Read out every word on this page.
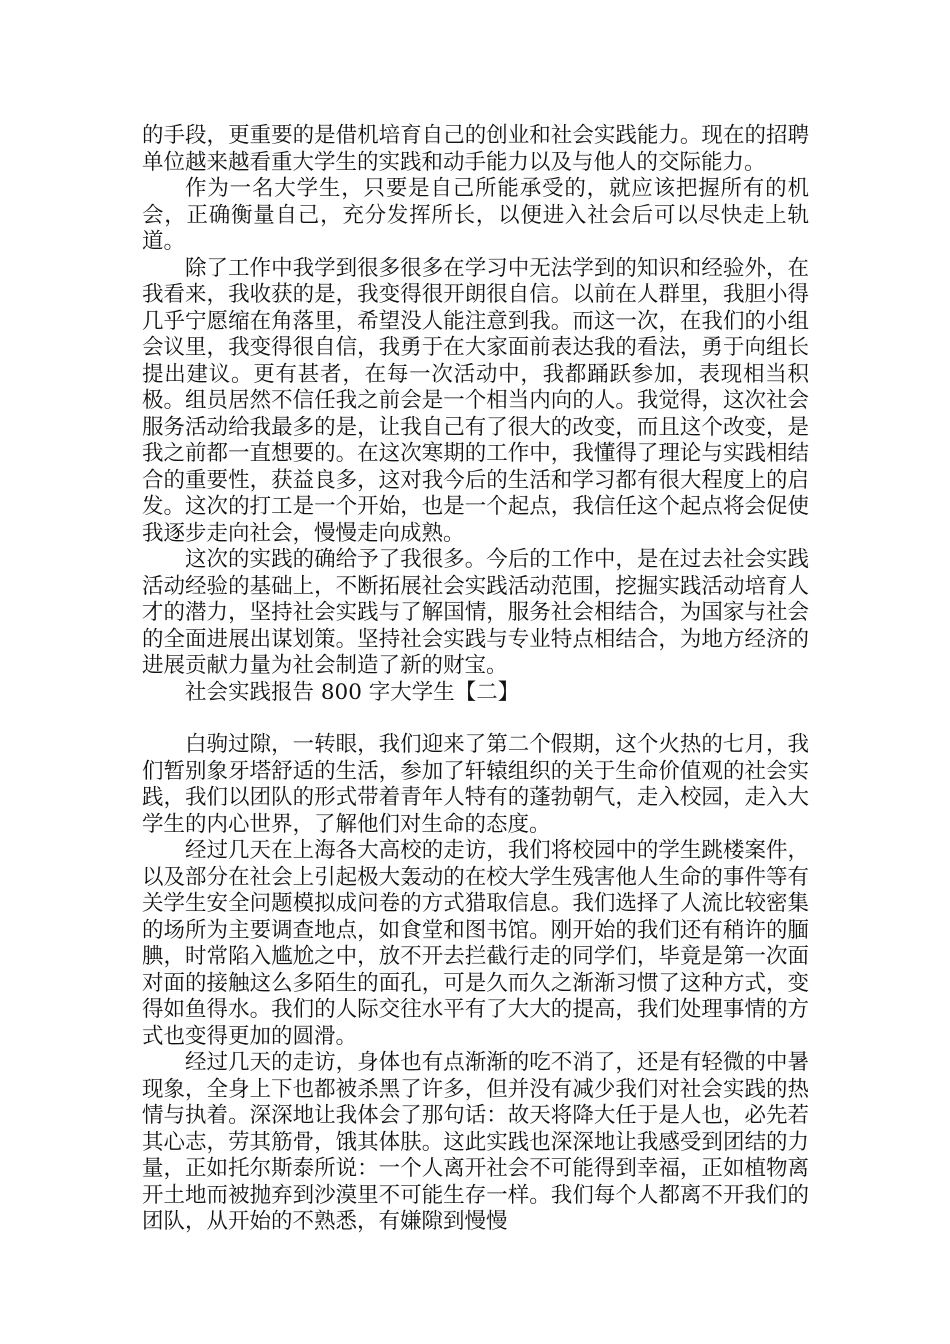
的手段，更重要的是借机培育自己的创业和社会实践能力。现在的招聘单位越来越看重大学生的实践和动手能力以及与他人的交际能力。

作为一名大学生，只要是自己所能承受的，就应该把握所有的机会，正确衡量自己，充分发挥所长，以便进入社会后可以尽快走上轨道。

除了工作中我学到很多很多在学习中无法学到的知识和经验外，在我看来，我收获的是，我变得很开朗很自信。以前在人群里，我胆小得几乎宁愿缩在角落里，希望没人能注意到我。而这一次，在我们的小组会议里，我变得很自信，我勇于在大家面前表达我的看法，勇于向组长提出建议。更有甚者，在每一次活动中，我都踊跃参加，表现相当积极。组员居然不信任我之前会是一个相当内向的人。我觉得，这次社会服务活动给我最多的是，让我自己有了很大的改变，而且这个改变，是我之前都一直想要的。在这次寒期的工作中，我懂得了理论与实践相结合的重要性，获益良多，这对我今后的生活和学习都有很大程度上的启发。这次的打工是一个开始，也是一个起点，我信任这个起点将会促使我逐步走向社会，慢慢走向成熟。

这次的实践的确给予了我很多。今后的工作中，是在过去社会实践活动经验的基础上，不断拓展社会实践活动范围，挖掘实践活动培育人才的潜力，坚持社会实践与了解国情，服务社会相结合，为国家与社会的全面进展出谋划策。坚持社会实践与专业特点相结合，为地方经济的进展贡献力量为社会制造了新的财宝。

社会实践报告 800 字大学生【二】

白驹过隙，一转眼，我们迎来了第二个假期，这个火热的七月，我们暂别象牙塔舒适的生活，参加了轩辕组织的关于生命价值观的社会实践，我们以团队的形式带着青年人特有的蓬勃朝气，走入校园，走入大学生的内心世界，了解他们对生命的态度。

经过几天在上海各大高校的走访，我们将校园中的学生跳楼案件，以及部分在社会上引起极大轰动的在校大学生残害他人生命的事件等有关学生安全问题模拟成问卷的方式猎取信息。我们选择了人流比较密集的场所为主要调查地点，如食堂和图书馆。刚开始的我们还有稍许的腼腆，时常陷入尴尬之中，放不开去拦截行走的同学们，毕竟是第一次面对面的接触这么多陌生的面孔，可是久而久之渐渐习惯了这种方式，变得如鱼得水。我们的人际交往水平有了大大的提高，我们处理事情的方式也变得更加的圆滑。

经过几天的走访，身体也有点渐渐的吃不消了，还是有轻微的中暑现象，全身上下也都被杀黑了许多，但并没有减少我们对社会实践的热情与执着。深深地让我体会了那句话：故天将降大任于是人也，必先若其心志，劳其筋骨，饿其体肤。这此实践也深深地让我感受到团结的力量，正如托尔斯泰所说：一个人离开社会不可能得到幸福，正如植物离开土地而被抛弃到沙漠里不可能生存一样。我们每个人都离不开我们的团队，从开始的不熟悉，有嫌隙到慢慢
